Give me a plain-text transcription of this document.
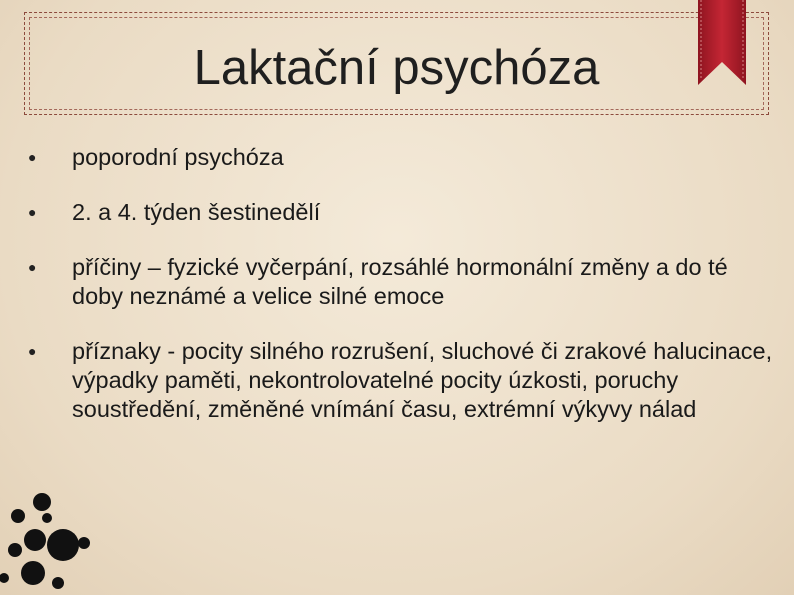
Laktační psychóza
● poporodní psychóza
● 2. a 4. týden šestinedělí
● příčiny – fyzické vyčerpání, rozsáhlé hormonální změny a do té doby neznámé a velice silné emoce
● příznaky - pocity silného rozrušení, sluchové či zrakové halucinace, výpadky paměti, nekontrolovatelné pocity úzkosti, poruchy soustředění, změněné vnímání času, extrémní výkyvy nálad
